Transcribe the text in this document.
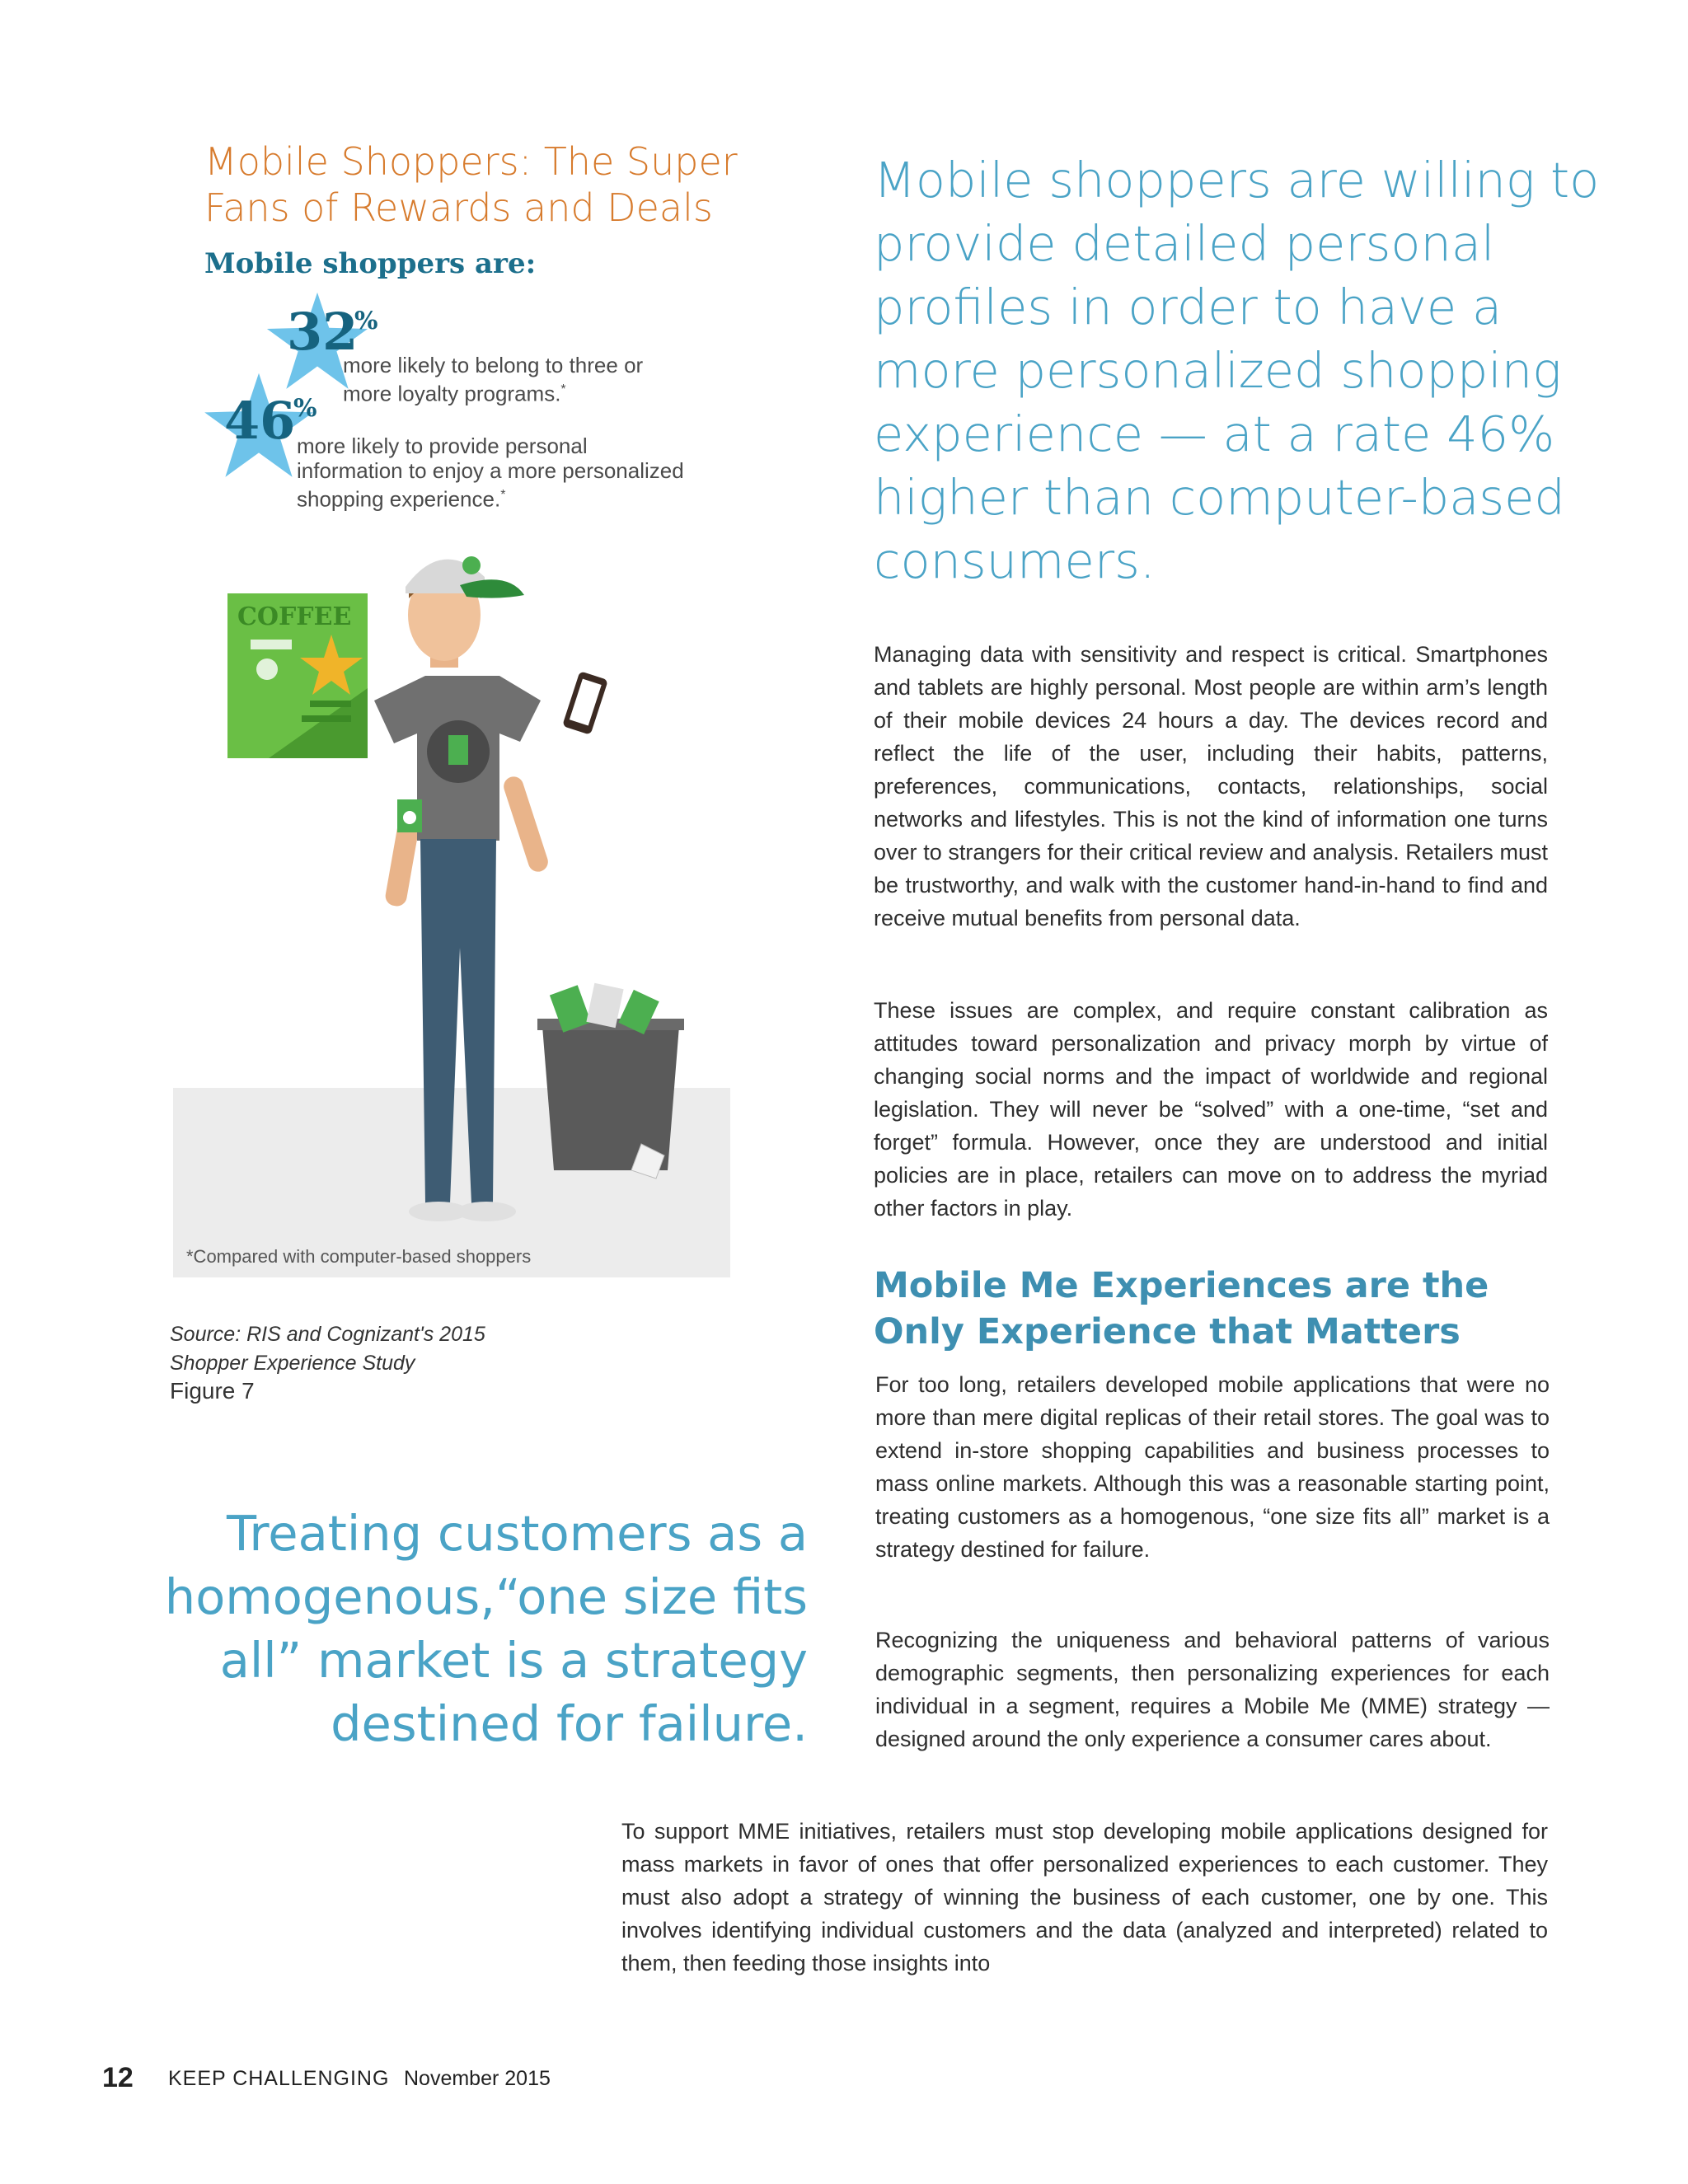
Mobile Shoppers: The Super Fans of Rewards and Deals
Mobile shoppers are:
32
%
more likely to belong to three or more loyalty programs.*
46
%
more likely to provide personal information to enjoy a more personalized shopping experience.*
COFFEE
*Compared with computer-based shoppers
Source: RIS and Cognizant's 2015 Shopper Experience Study
Figure 7
Mobile shoppers are willing to provide detailed personal profiles in order to have a more personalized shopping experience — at a rate 46% higher than computer-based consumers.
Treating customers as a homogenous,“one size fits all” market is a strategy destined for failure.

Managing data with sensitivity and respect is critical. Smartphones and tablets are highly personal. Most people are within arm’s length of their mobile devices 24 hours a day. The devices record and reflect the life of the user, including their habits, patterns, preferences, communications, contacts, relationships, social networks and lifestyles. This is not the kind of information one turns over to strangers for their critical review and analysis. Retailers must be trustworthy, and walk with the customer hand-in-hand to find and receive mutual benefits from personal data.

These issues are complex, and require constant calibration as attitudes toward personalization and privacy morph by virtue of changing social norms and the impact of worldwide and regional legislation. They will never be “solved” with a one-time, “set and forget” formula. However, once they are understood and initial policies are in place, retailers can move on to address the myriad other factors in play.

Mobile Me Experiences are the Only Experience that Matters

For too long, retailers developed mobile applications that were no more than mere digital replicas of their retail stores. The goal was to extend in-store shopping capabilities and business processes to mass online markets. Although this was a reasonable starting point, treating customers as a homogenous, “one size fits all” market is a strategy destined for failure.

Recognizing the uniqueness and behavioral patterns of various demographic segments, then personalizing experiences for each individual in a segment, requires a Mobile Me (MME) strategy — designed around the only experience a consumer cares about.

To support MME initiatives, retailers must stop developing mobile applications designed for mass markets in favor of ones that offer personalized experiences to each customer. They must also adopt a strategy of winning the business of each customer, one by one. This involves identifying individual customers and the data (analyzed and interpreted) related to them, then feeding those insights into

12 KEEP CHALLENGING November 2015
